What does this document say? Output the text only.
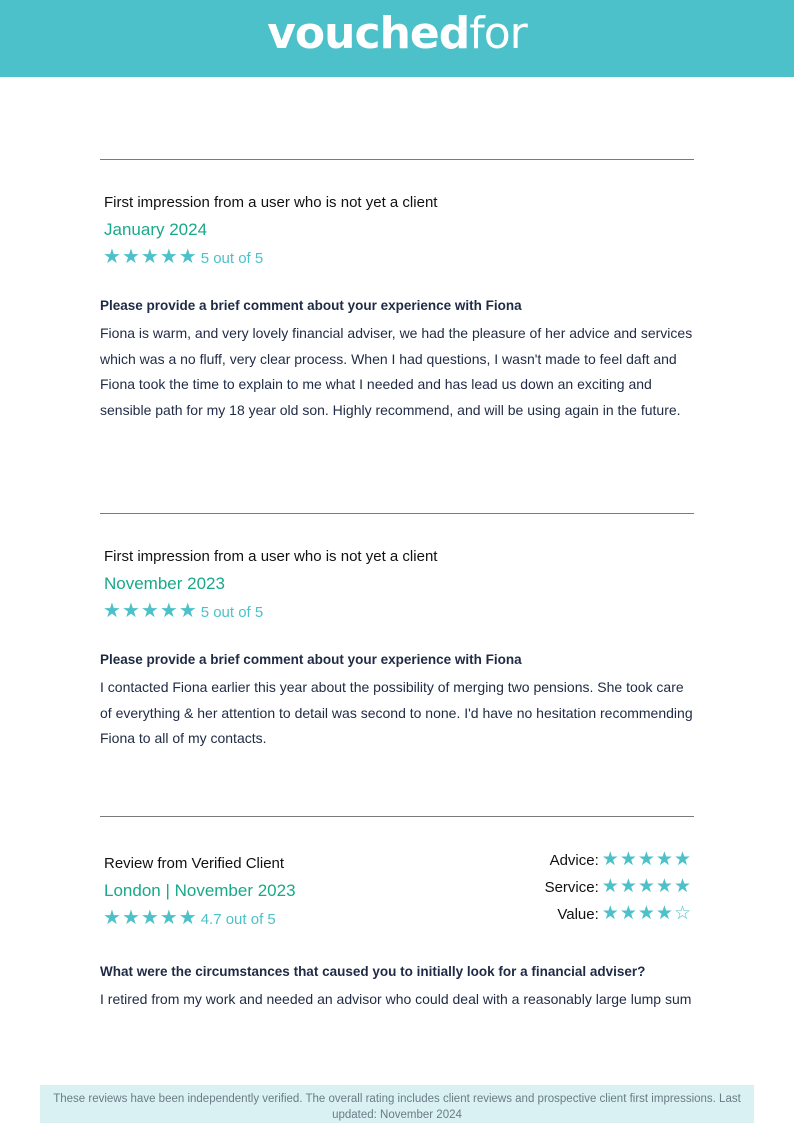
vouchedfor
First impression from a user who is not yet a client
January 2024
★★★★★ 5 out of 5
Please provide a brief comment about your experience with Fiona
Fiona is warm, and very lovely financial adviser, we had the pleasure of her advice and services which was a no fluff, very clear process. When I had questions, I wasn't made to feel daft and Fiona took the time to explain to me what I needed and has lead us down an exciting and sensible path for my 18 year old son. Highly recommend, and will be using again in the future.
First impression from a user who is not yet a client
November 2023
★★★★★ 5 out of 5
Please provide a brief comment about your experience with Fiona
I contacted Fiona earlier this year about the possibility of merging two pensions. She took care of everything & her attention to detail was second to none. I'd have no hesitation recommending Fiona to all of my contacts.
Review from Verified Client
London | November 2023
★★★★★ 4.7 out of 5
Advice: ★★★★★
Service: ★★★★★
Value: ★★★★☆
What were the circumstances that caused you to initially look for a financial adviser?
I retired from my work and needed an advisor who could deal with a reasonably large lump sum
These reviews have been independently verified. The overall rating includes client reviews and prospective client first impressions. Last updated: November 2024
